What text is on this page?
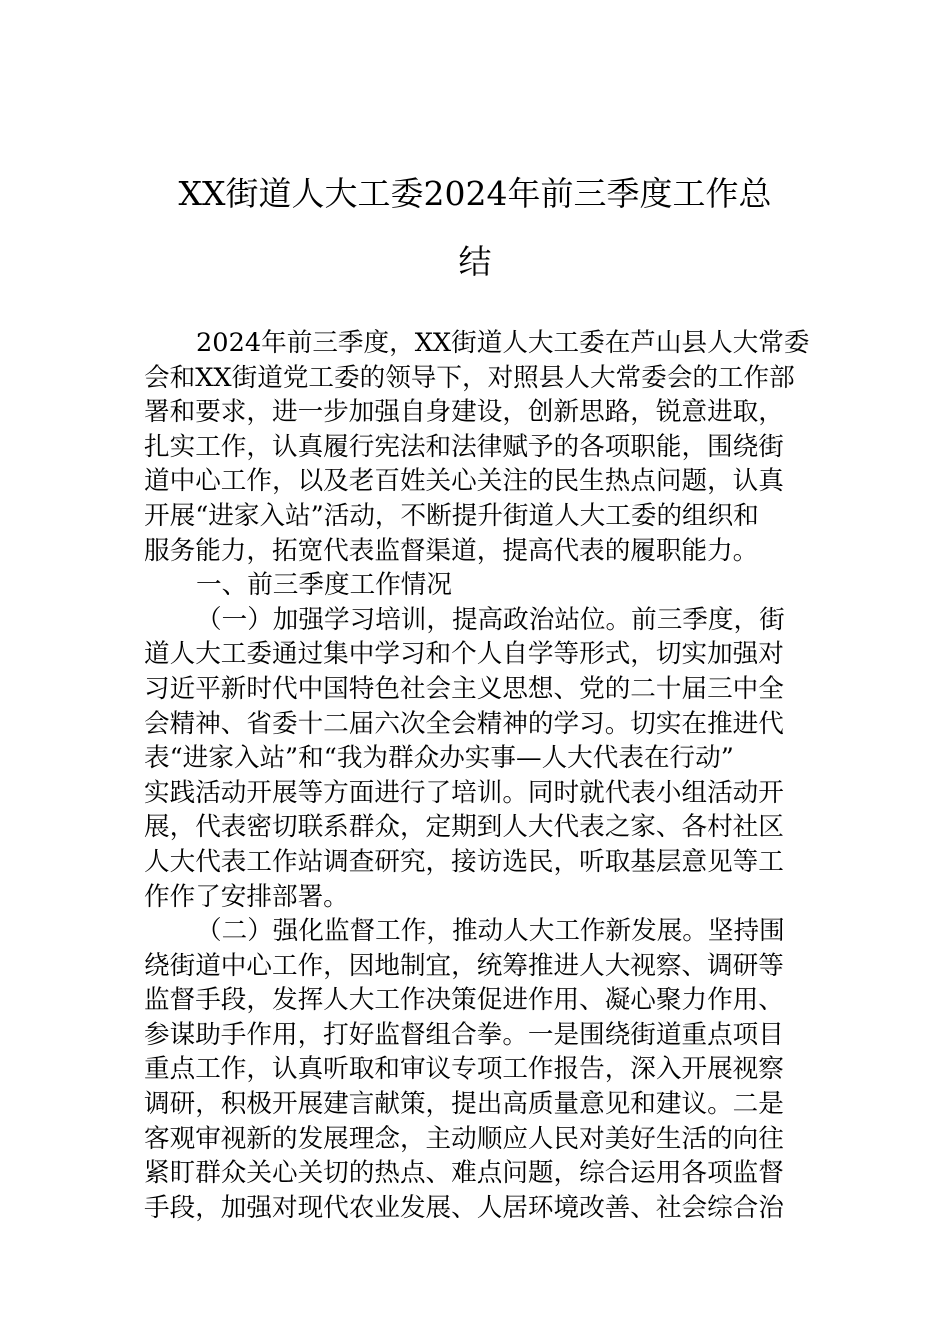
XX街道人大工委2024年前三季度工作总
结
2024年前三季度，XX街道人大工委在芦山县人大常委
会和XX街道党工委的领导下，对照县人大常委会的工作部
署和要求，进一步加强自身建设，创新思路，锐意进取，
扎实工作，认真履行宪法和法律赋予的各项职能，围绕街
道中心工作，以及老百姓关心关注的民生热点问题，认真
开展“进家入站”活动，不断提升街道人大工委的组织和
服务能力，拓宽代表监督渠道，提高代表的履职能力。
一、前三季度工作情况
（一）加强学习培训，提高政治站位。前三季度，街
道人大工委通过集中学习和个人自学等形式，切实加强对
习近平新时代中国特色社会主义思想、党的二十届三中全
会精神、省委十二届六次全会精神的学习。切实在推进代
表“进家入站”和“我为群众办实事—人大代表在行动”
实践活动开展等方面进行了培训。同时就代表小组活动开
展，代表密切联系群众，定期到人大代表之家、各村社区
人大代表工作站调查研究，接访选民，听取基层意见等工
作作了安排部署。
（二）强化监督工作，推动人大工作新发展。坚持围
绕街道中心工作，因地制宜，统筹推进人大视察、调研等
监督手段，发挥人大工作决策促进作用、凝心聚力作用、
参谋助手作用，打好监督组合拳。一是围绕街道重点项目
重点工作，认真听取和审议专项工作报告，深入开展视察
调研，积极开展建言献策，提出高质量意见和建议。二是
客观审视新的发展理念，主动顺应人民对美好生活的向往
紧盯群众关心关切的热点、难点问题，综合运用各项监督
手段，加强对现代农业发展、人居环境改善、社会综合治
